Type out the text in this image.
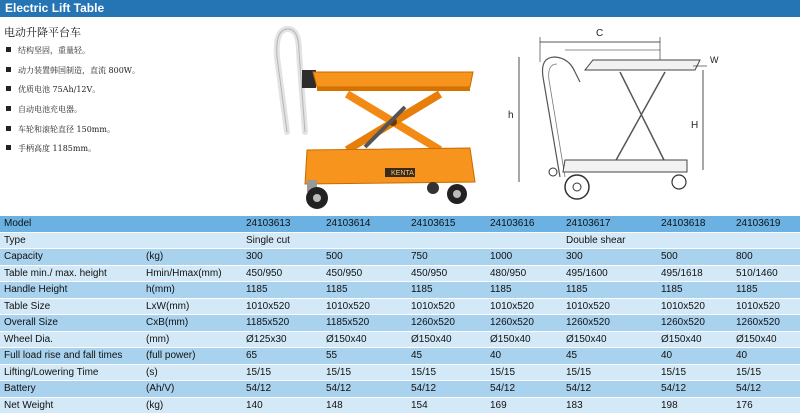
Electric Lift Table
电动升降平台车
结构坚固，重量轻。
动力装置韩国制造，直流 800W。
优质电池 75Ah/12V。
自动电池充电器。
车轮和滚轮直径 150mm。
手柄高度 1185mm。
KENTA
C
W
h
H
Model		24103613	24103614	24103615	24103616	24103617	24103618	24103619
Type		Single cut				Double shear		
Capacity	(kg)	300	500	750	1000	300	500	800
Table min./ max. height	Hmin/Hmax(mm)	450/950	450/950	450/950	480/950	495/1600	495/1618	510/1460
Handle Height	h(mm)	1185	1185	1185	1185	1185	1185	1185
Table Size	LxW(mm)	1010x520	1010x520	1010x520	1010x520	1010x520	1010x520	1010x520
Overall Size	CxB(mm)	1185x520	1185x520	1260x520	1260x520	1260x520	1260x520	1260x520
Wheel Dia.	(mm)	Ø125x30	Ø150x40	Ø150x40	Ø150x40	Ø150x40	Ø150x40	Ø150x40
Full load rise and fall times	(full power)	65	55	45	40	45	40	40
Lifting/Lowering Time	(s)	15/15	15/15	15/15	15/15	15/15	15/15	15/15
Battery	(Ah/V)	54/12	54/12	54/12	54/12	54/12	54/12	54/12
Net Weight	(kg)	140	148	154	169	183	198	176
